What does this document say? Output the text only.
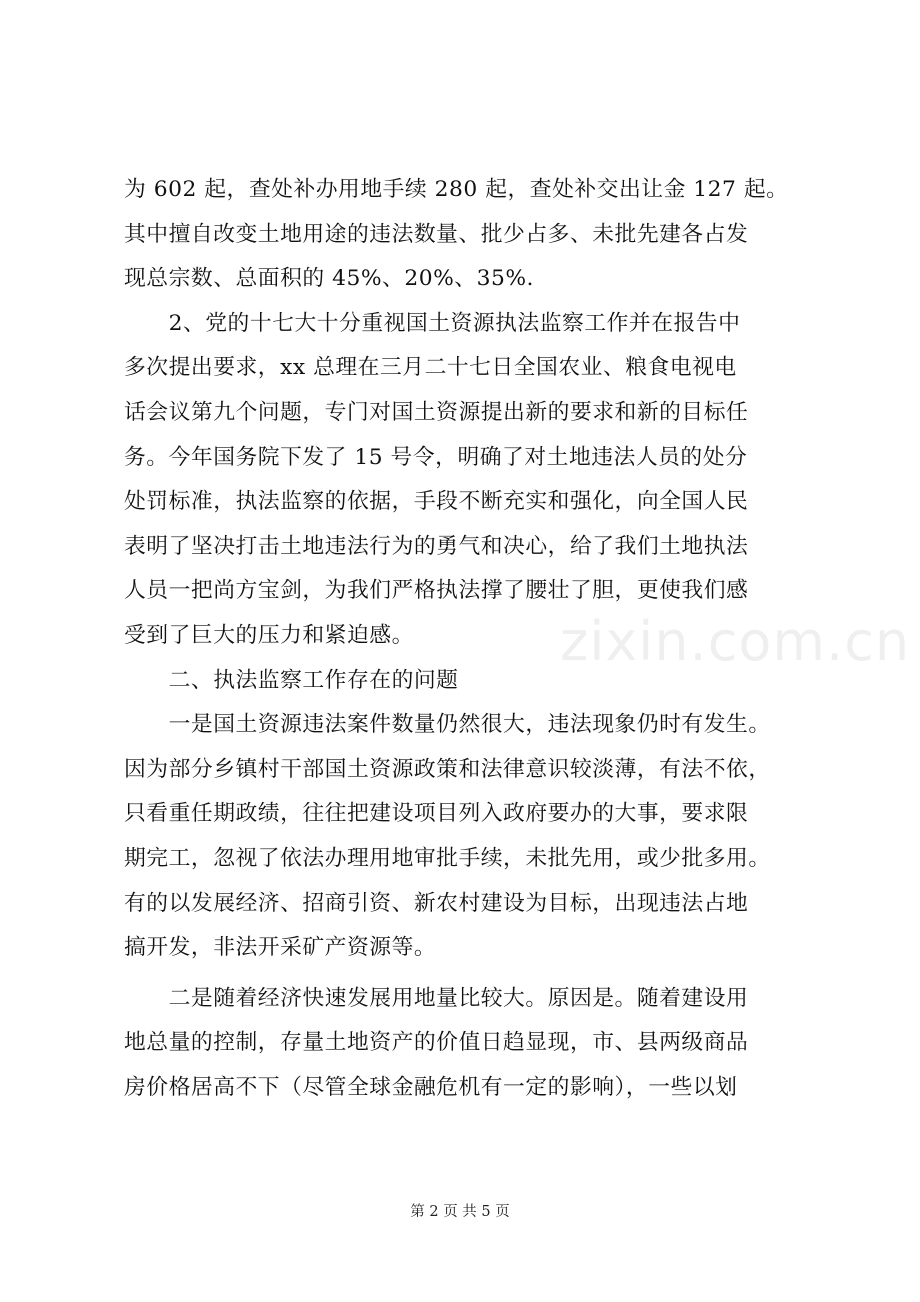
为 602 起，查处补办用地手续 280 起，查处补交出让金 127 起。
其中擅自改变土地用途的违法数量、批少占多、未批先建各占发
现总宗数、总面积的 45%、20%、35%.
　　2、党的十七大十分重视国土资源执法监察工作并在报告中
多次提出要求，xx 总理在三月二十七日全国农业、粮食电视电
话会议第九个问题，专门对国土资源提出新的要求和新的目标任
务。今年国务院下发了 15 号令，明确了对土地违法人员的处分
处罚标准，执法监察的依据，手段不断充实和强化，向全国人民
表明了坚决打击土地违法行为的勇气和决心，给了我们土地执法
人员一把尚方宝剑，为我们严格执法撑了腰壮了胆，更使我们感
受到了巨大的压力和紧迫感。
　　二、执法监察工作存在的问题
　　一是国土资源违法案件数量仍然很大，违法现象仍时有发生。
因为部分乡镇村干部国土资源政策和法律意识较淡薄，有法不依，
只看重任期政绩，往往把建设项目列入政府要办的大事，要求限
期完工，忽视了依法办理用地审批手续，未批先用，或少批多用。
有的以发展经济、招商引资、新农村建设为目标，出现违法占地
搞开发，非法开采矿产资源等。
　　二是随着经济快速发展用地量比较大。原因是。随着建设用
地总量的控制，存量土地资产的价值日趋显现，市、县两级商品
房价格居高不下（尽管全球金融危机有一定的影响），一些以划
zixin.com.cn
第 2 页 共 5 页
